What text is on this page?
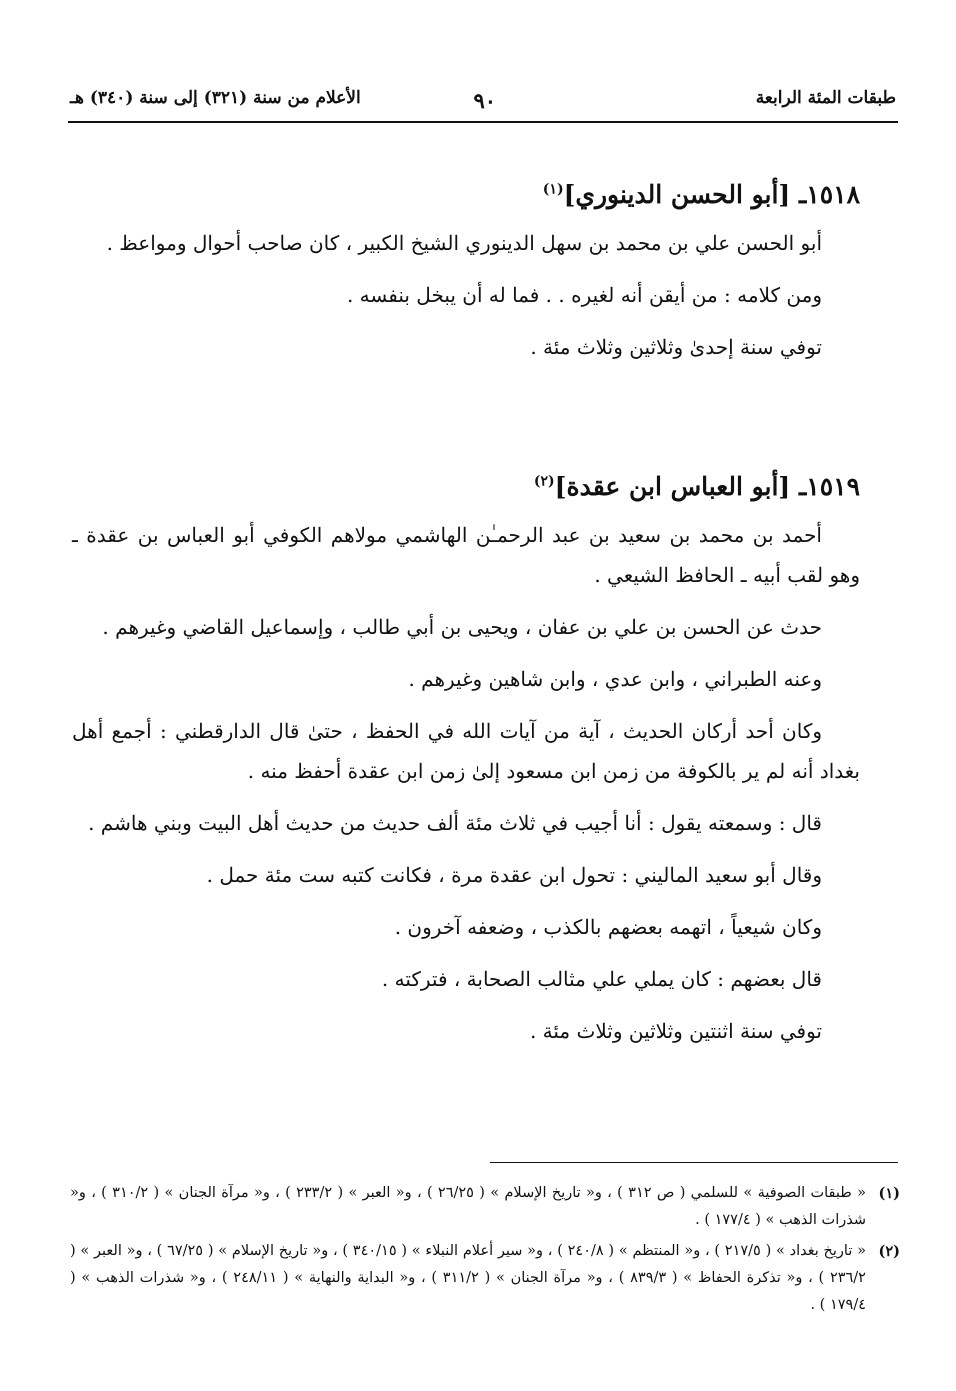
طبقات المئة الرابعة
٩٠
الأعلام من سنة (٣٢١) إلى سنة (٣٤٠) هـ
١٥١٨ـ [أبو الحسن الدينوري]$^{(١)}$

أبو الحسن علي بن محمد بن سهل الدينوري الشيخ الكبير ، كان صاحب أحوال ومواعظ .

ومن كلامه : من أيقن أنه لغيره . . فما له أن يبخل بنفسه .

توفي سنة إحدىٰ وثلاثين وثلاث مئة .

١٥١٩ـ [أبو العباس ابن عقدة]$^{(٢)}$

أحمد بن محمد بن سعيد بن عبد الرحمـٰن الهاشمي مولاهم الكوفي أبو العباس بن عقدة ـ وهو لقب أبيه ـ الحافظ الشيعي .

حدث عن الحسن بن علي بن عفان ، ويحيى بن أبي طالب ، وإسماعيل القاضي وغيرهم .

وعنه الطبراني ، وابن عدي ، وابن شاهين وغيرهم .

وكان أحد أركان الحديث ، آية من آيات الله في الحفظ ، حتىٰ قال الدارقطني : أجمع أهل بغداد أنه لم ير بالكوفة من زمن ابن مسعود إلىٰ زمن ابن عقدة أحفظ منه .

قال : وسمعته يقول : أنا أجيب في ثلاث مئة ألف حديث من حديث أهل البيت وبني هاشم .

وقال أبو سعيد الماليني : تحول ابن عقدة مرة ، فكانت كتبه ست مئة حمل .

وكان شيعياً ، اتهمه بعضهم بالكذب ، وضعفه آخرون .

قال بعضهم : كان يملي علي مثالب الصحابة ، فتركته .

توفي سنة اثنتين وثلاثين وثلاث مئة .

(١)
« طبقات الصوفية » للسلمي ( ص ٣١٢ ) ، و« تاريخ الإسلام » ( ٢٦/٢٥ ) ، و« العبر » ( ٢٣٣/٢ ) ، و« مرآة الجنان » ( ٣١٠/٢ ) ، و« شذرات الذهب » ( ١٧٧/٤ ) .
(٢)
« تاريخ بغداد » ( ٢١٧/٥ ) ، و« المنتظم » ( ٢٤٠/٨ ) ، و« سير أعلام النبلاء » ( ٣٤٠/١٥ ) ، و« تاريخ الإسلام » ( ٦٧/٢٥ ) ، و« العبر » ( ٢٣٦/٢ ) ، و« تذكرة الحفاظ » ( ٨٣٩/٣ ) ، و« مرآة الجنان » ( ٣١١/٢ ) ، و« البداية والنهاية » ( ٢٤٨/١١ ) ، و« شذرات الذهب » ( ١٧٩/٤ ) .
